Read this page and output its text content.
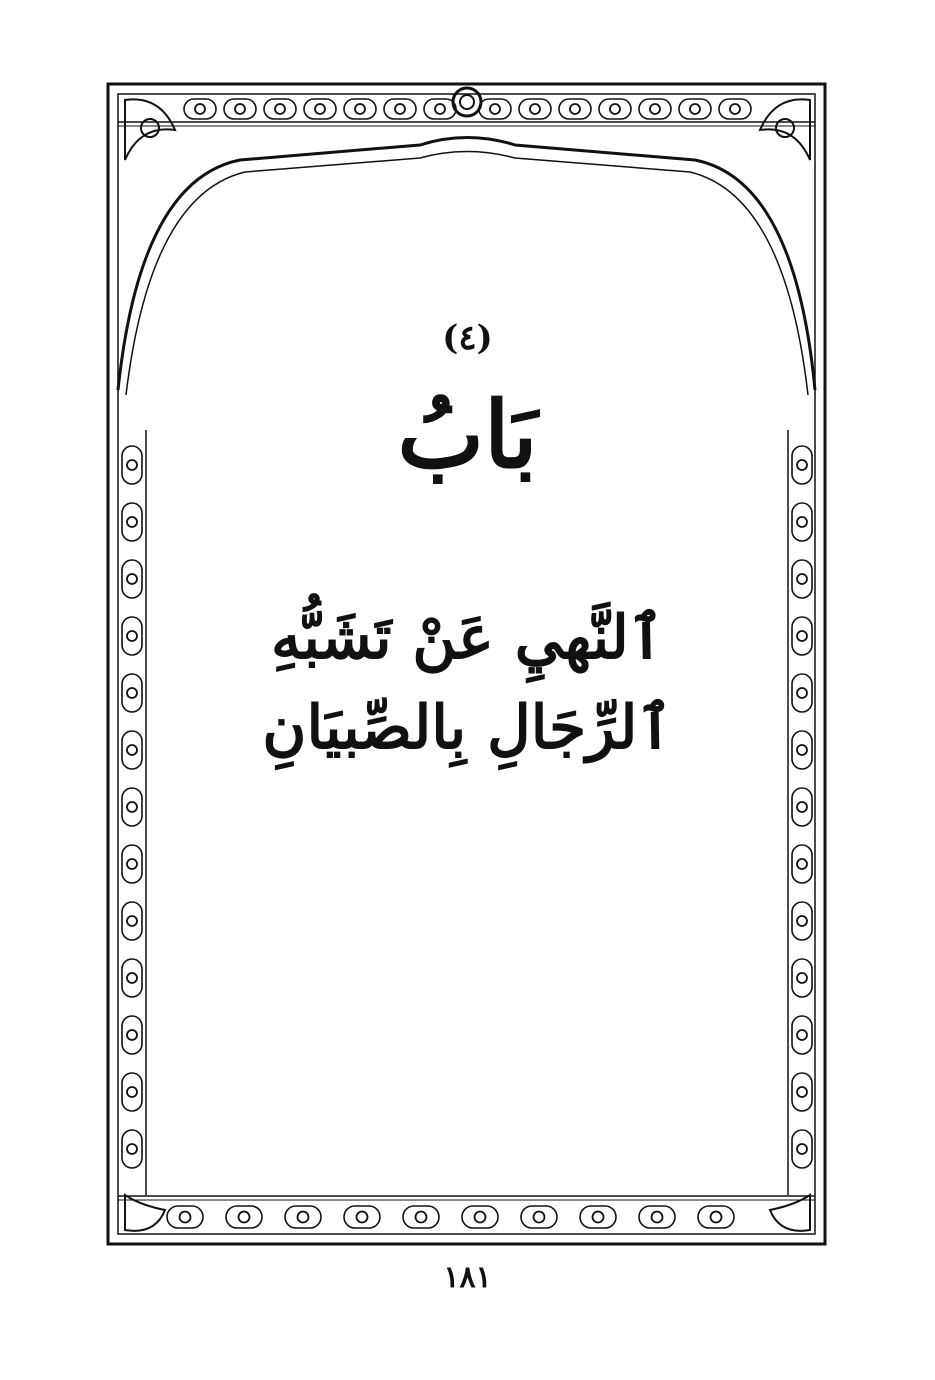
(٤)
بَابُ
ٱلنَّهيِ عَنْ تَشَبُّهِ
ٱلرِّجَالِ بِالصِّبيَانِ
١٨١
